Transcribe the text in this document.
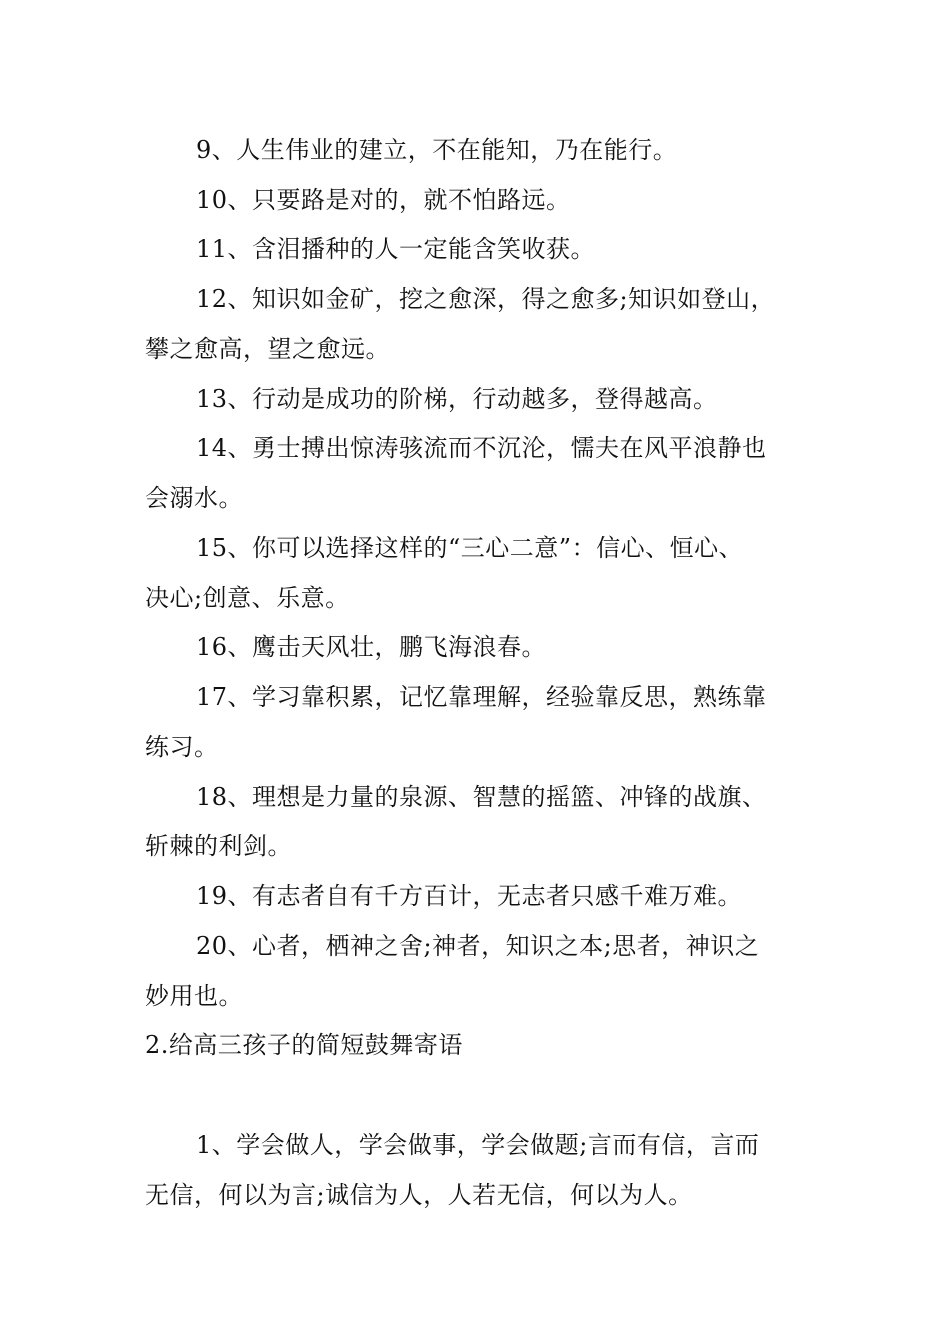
9、人生伟业的建立，不在能知，乃在能行。
10、只要路是对的，就不怕路远。
11、含泪播种的人一定能含笑收获。
12、知识如金矿，挖之愈深，得之愈多;知识如登山，
攀之愈高，望之愈远。
13、行动是成功的阶梯，行动越多，登得越高。
14、勇士搏出惊涛骇流而不沉沦，懦夫在风平浪静也
会溺水。
15、你可以选择这样的“三心二意”：信心、恒心、
决心;创意、乐意。
16、鹰击天风壮，鹏飞海浪春。
17、学习靠积累，记忆靠理解，经验靠反思，熟练靠
练习。
18、理想是力量的泉源、智慧的摇篮、冲锋的战旗、
斩棘的利剑。
19、有志者自有千方百计，无志者只感千难万难。
20、心者，栖神之舍;神者，知识之本;思者，神识之
妙用也。
2.给高三孩子的简短鼓舞寄语
1、学会做人，学会做事，学会做题;言而有信，言而
无信，何以为言;诚信为人，人若无信，何以为人。
